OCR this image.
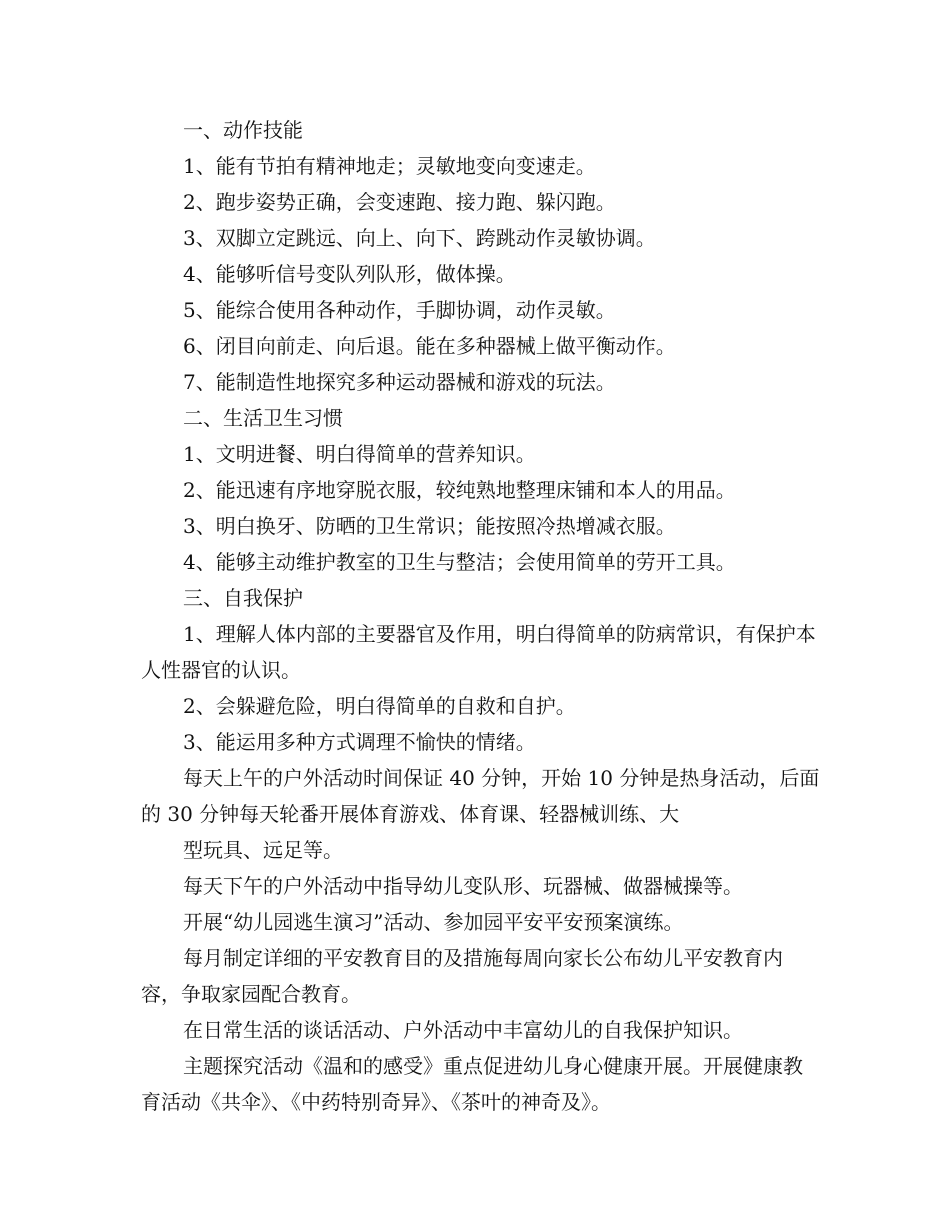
一、动作技能

1、能有节拍有精神地走；灵敏地变向变速走。

2、跑步姿势正确，会变速跑、接力跑、躲闪跑。

3、双脚立定跳远、向上、向下、跨跳动作灵敏协调。

4、能够听信号变队列队形，做体操。

5、能综合使用各种动作，手脚协调，动作灵敏。

6、闭目向前走、向后退。能在多种器械上做平衡动作。

7、能制造性地探究多种运动器械和游戏的玩法。

二、生活卫生习惯

1、文明进餐、明白得简单的营养知识。

2、能迅速有序地穿脱衣服，较纯熟地整理床铺和本人的用品。

3、明白换牙、防晒的卫生常识；能按照冷热增减衣服。

4、能够主动维护教室的卫生与整洁；会使用简单的劳开工具。

三、自我保护

1、理解人体内部的主要器官及作用，明白得简单的防病常识，有保护本人性器官的认识。

2、会躲避危险，明白得简单的自救和自护。

3、能运用多种方式调理不愉快的情绪。

每天上午的户外活动时间保证 40 分钟，开始 10 分钟是热身活动，后面的 30 分钟每天轮番开展体育游戏、体育课、轻器械训练、大

型玩具、远足等。

每天下午的户外活动中指导幼儿变队形、玩器械、做器械操等。

开展“幼儿园逃生演习”活动、参加园平安平安预案演练。

每月制定详细的平安教育目的及措施每周向家长公布幼儿平安教育内容，争取家园配合教育。

在日常生活的谈话活动、户外活动中丰富幼儿的自我保护知识。

主题探究活动《温和的感受》重点促进幼儿身心健康开展。开展健康教育活动《共伞》、《中药特别奇异》、《茶叶的神奇及》。
